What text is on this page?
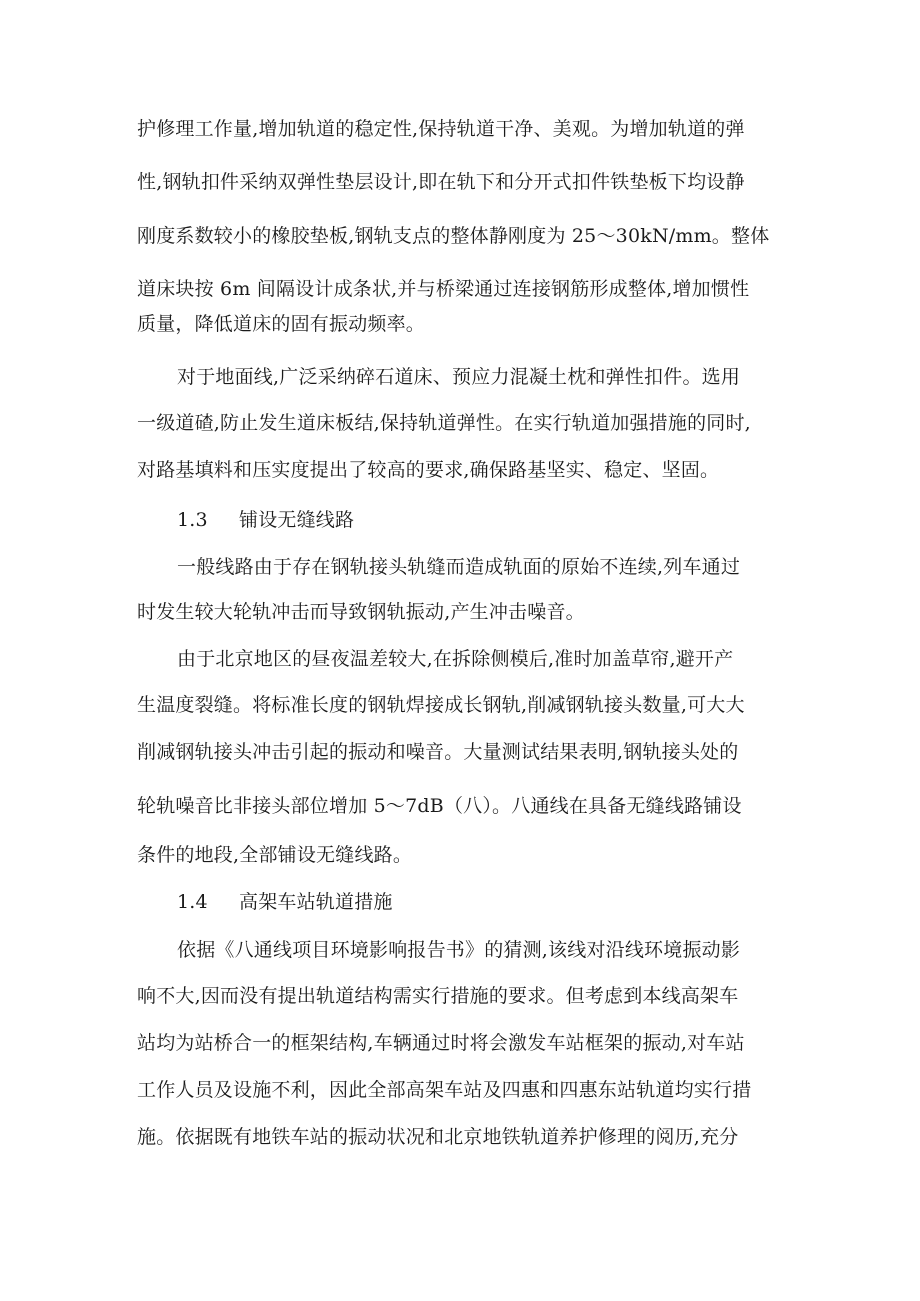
护修理工作量,增加轨道的稳定性,保持轨道干净、美观。为增加轨道的弹
性,钢轨扣件采纳双弹性垫层设计,即在轨下和分开式扣件铁垫板下均设静
刚度系数较小的橡胶垫板,钢轨支点的整体静刚度为 25～30kN/mm。整体
道床块按 6m 间隔设计成条状,并与桥梁通过连接钢筋形成整体,增加惯性
质量，降低道床的固有振动频率。
对于地面线,广泛采纳碎石道床、预应力混凝土枕和弹性扣件。选用
一级道碴,防止发生道床板结,保持轨道弹性。在实行轨道加强措施的同时,
对路基填料和压实度提出了较高的要求,确保路基坚实、稳定、坚固。
1.3 铺设无缝线路
一般线路由于存在钢轨接头轨缝而造成轨面的原始不连续,列车通过
时发生较大轮轨冲击而导致钢轨振动,产生冲击噪音。
由于北京地区的昼夜温差较大,在拆除侧模后,准时加盖草帘,避开产
生温度裂缝。将标准长度的钢轨焊接成长钢轨,削减钢轨接头数量,可大大
削减钢轨接头冲击引起的振动和噪音。大量测试结果表明,钢轨接头处的
轮轨噪音比非接头部位增加 5～7dB（八）。八通线在具备无缝线路铺设
条件的地段,全部铺设无缝线路。
1.4 高架车站轨道措施
依据《八通线项目环境影响报告书》的猜测,该线对沿线环境振动影
响不大,因而没有提出轨道结构需实行措施的要求。但考虑到本线高架车
站均为站桥合一的框架结构,车辆通过时将会激发车站框架的振动,对车站
工作人员及设施不利，因此全部高架车站及四惠和四惠东站轨道均实行措
施。依据既有地铁车站的振动状况和北京地铁轨道养护修理的阅历,充分
